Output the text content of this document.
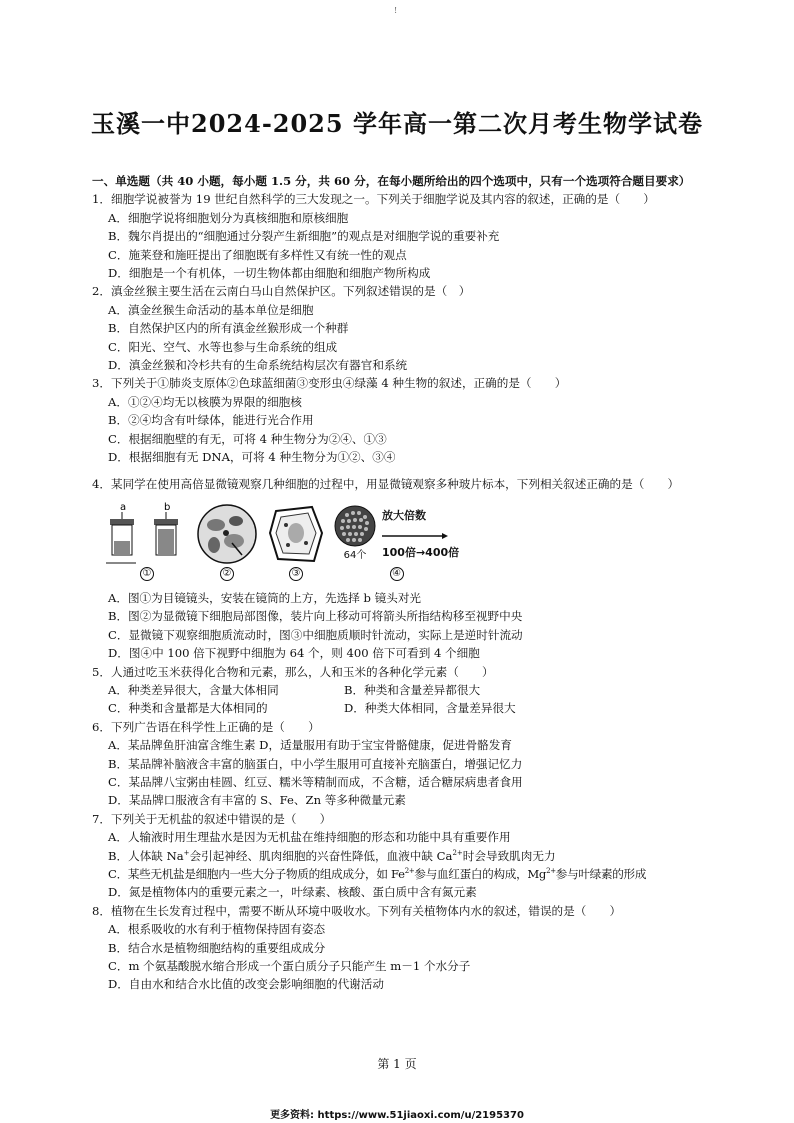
!
玉溪一中2024-2025 学年高一第二次月考生物学试卷

一、单选题（共 40 小题，每小题 1.5 分，共 60 分，在每小题所给出的四个选项中，只有一个选项符合题目要求）

1．细胞学说被誉为 19 世纪自然科学的三大发现之一。下列关于细胞学说及其内容的叙述，正确的是（　　）

A．细胞学说将细胞划分为真核细胞和原核细胞

B．魏尔肖提出的“细胞通过分裂产生新细胞”的观点是对细胞学说的重要补充

C．施莱登和施旺提出了细胞既有多样性又有统一性的观点

D．细胞是一个有机体，一切生物体都由细胞和细胞产物所构成

2．滇金丝猴主要生活在云南白马山自然保护区。下列叙述错误的是（　）

A．滇金丝猴生命活动的基本单位是细胞

B．自然保护区内的所有滇金丝猴形成一个种群

C．阳光、空气、水等也参与生命系统的组成

D．滇金丝猴和冷杉共有的生命系统结构层次有器官和系统

3．下列关于①肺炎支原体②色球蓝细菌③变形虫④绿藻 4 种生物的叙述，正确的是（　　）

A．①②④均无以核膜为界限的细胞核

B．②④均含有叶绿体，能进行光合作用

C．根据细胞壁的有无，可将 4 种生物分为②④、①③

D．根据细胞有无 DNA，可将 4 种生物分为①②、③④

4．某同学在使用高倍显微镜观察几种细胞的过程中，用显微镜观察多种玻片标本，下列相关叙述正确的是（　　）

a	b
①	②	③
64个
放大倍数
100倍→400倍
④

A．图①为目镜镜头，安装在镜筒的上方，先选择 b 镜头对光

B．图②为显微镜下细胞局部图像，装片向上移动可将箭头所指结构移至视野中央

C．显微镜下观察细胞质流动时，图③中细胞质顺时针流动，实际上是逆时针流动

D．图④中 100 倍下视野中细胞为 64 个，则 400 倍下可看到 4 个细胞

5．人通过吃玉米获得化合物和元素，那么，人和玉米的各种化学元素（　　）

A．种类差异很大，含量大体相同	B．种类和含量差异都很大
C．种类和含量都是大体相同的	D．种类大体相同，含量差异很大

6．下列广告语在科学性上正确的是（　　）

A．某品牌鱼肝油富含维生素 D，适量服用有助于宝宝骨骼健康，促进骨骼发育

B．某品牌补脑液含丰富的脑蛋白，中小学生服用可直接补充脑蛋白，增强记忆力

C．某品牌八宝粥由桂圆、红豆、糯米等精制而成，不含糖，适合糖尿病患者食用

D．某品牌口服液含有丰富的 S、Fe、Zn 等多种微量元素

7．下列关于无机盐的叙述中错误的是（　　）

A．人输液时用生理盐水是因为无机盐在维持细胞的形态和功能中具有重要作用

B．人体缺 Na+会引起神经、肌肉细胞的兴奋性降低，血液中缺 $Ca^{2+}$时会导致肌肉无力

C．某些无机盐是细胞内一些大分子物质的组成成分，如 $Fe^{2+}$参与血红蛋白的构成，$Mg^{2+}$参与叶绿素的形成

D．氮是植物体内的重要元素之一，叶绿素、核酸、蛋白质中含有氮元素

8．植物在生长发育过程中，需要不断从环境中吸收水。下列有关植物体内水的叙述，错误的是（　　）

A．根系吸收的水有利于植物保持固有姿态

B．结合水是植物细胞结构的重要组成成分

C．m 个氨基酸脱水缩合形成一个蛋白质分子只能产生 m－1 个水分子

D．自由水和结合水比值的改变会影响细胞的代谢活动

第 1 页
更多资料: https://www.51jiaoxi.com/u/2195370
